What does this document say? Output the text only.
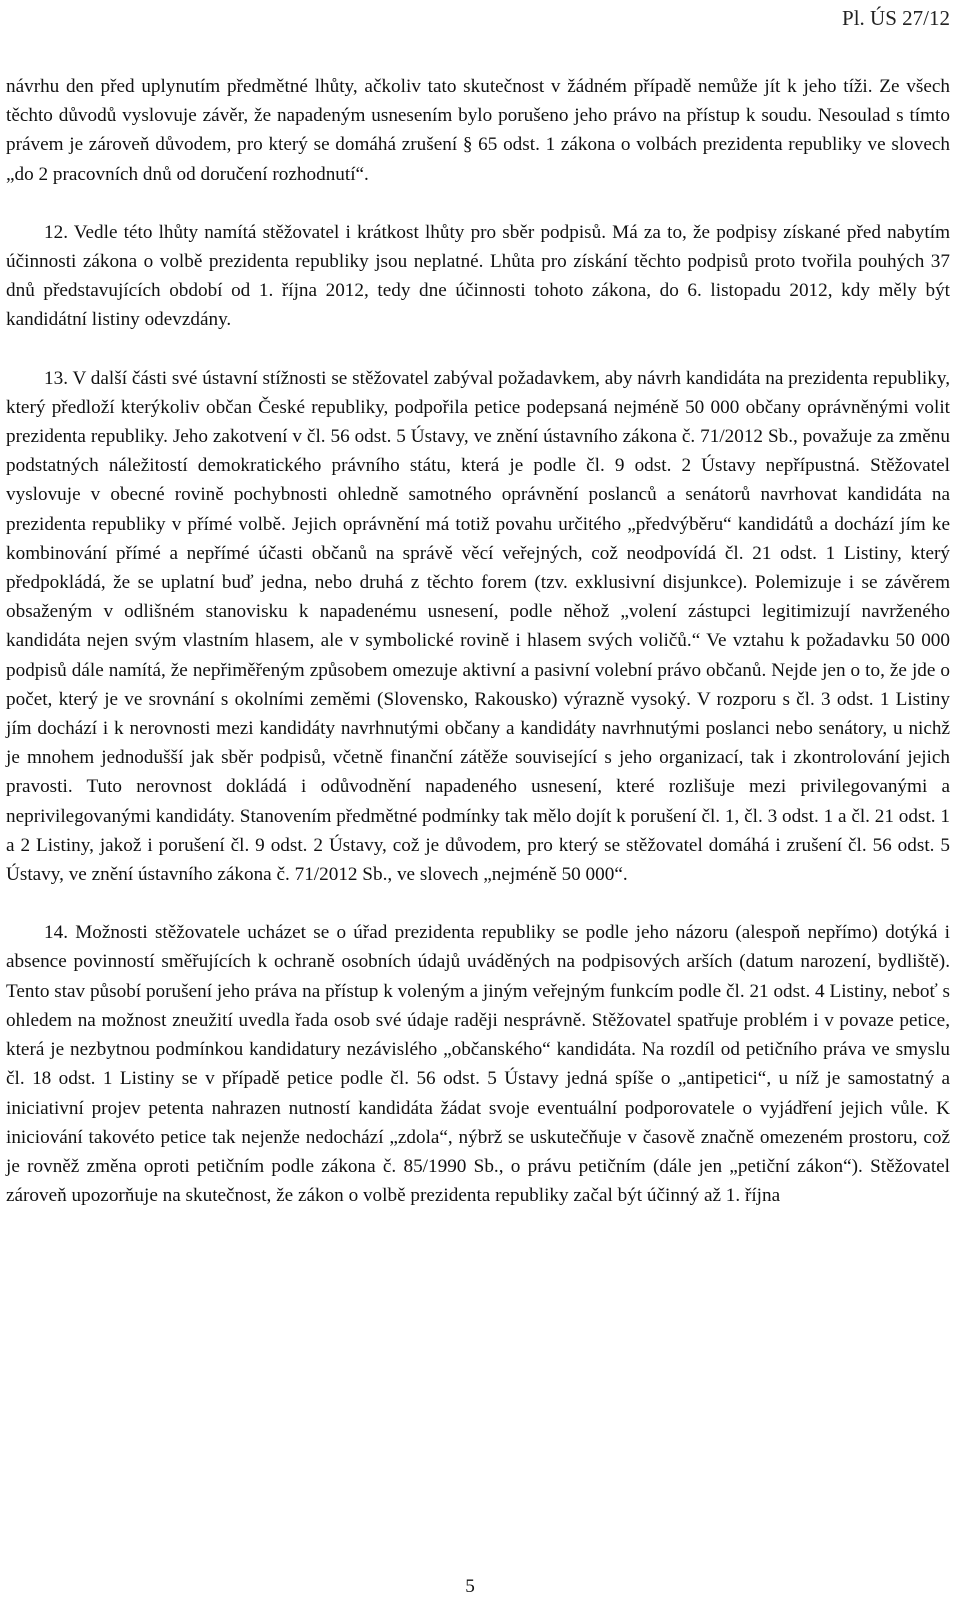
Pl. ÚS 27/12

návrhu den před uplynutím předmětné lhůty, ačkoliv tato skutečnost v žádném případě nemůže jít k jeho tíži. Ze všech těchto důvodů vyslovuje závěr, že napadeným usnesením bylo porušeno jeho právo na přístup k soudu. Nesoulad s tímto právem je zároveň důvodem, pro který se domáhá zrušení § 65 odst. 1 zákona o volbách prezidenta republiky ve slovech „do 2 pracovních dnů od doručení rozhodnutí“.

12. Vedle této lhůty namítá stěžovatel i krátkost lhůty pro sběr podpisů. Má za to, že podpisy získané před nabytím účinnosti zákona o volbě prezidenta republiky jsou neplatné. Lhůta pro získání těchto podpisů proto tvořila pouhých 37 dnů představujících období od 1. října 2012, tedy dne účinnosti tohoto zákona, do 6. listopadu 2012, kdy měly být kandidátní listiny odevzdány.

13. V další části své ústavní stížnosti se stěžovatel zabýval požadavkem, aby návrh kandidáta na prezidenta republiky, který předloží kterýkoliv občan České republiky, podpořila petice podepsaná nejméně 50 000 občany oprávněnými volit prezidenta republiky. Jeho zakotvení v čl. 56 odst. 5 Ústavy, ve znění ústavního zákona č. 71/2012 Sb., považuje za změnu podstatných náležitostí demokratického právního státu, která je podle čl. 9 odst. 2 Ústavy nepřípustná. Stěžovatel vyslovuje v obecné rovině pochybnosti ohledně samotného oprávnění poslanců a senátorů navrhovat kandidáta na prezidenta republiky v přímé volbě. Jejich oprávnění má totiž povahu určitého „předvýběru“ kandidátů a dochází jím ke kombinování přímé a nepřímé účasti občanů na správě věcí veřejných, což neodpovídá čl. 21 odst. 1 Listiny, který předpokládá, že se uplatní buď jedna, nebo druhá z těchto forem (tzv. exklusivní disjunkce). Polemizuje i se závěrem obsaženým v odlišném stanovisku k napadenému usnesení, podle něhož „volení zástupci legitimizují navrženého kandidáta nejen svým vlastním hlasem, ale v symbolické rovině i hlasem svých voličů.“ Ve vztahu k požadavku 50 000 podpisů dále namítá, že nepřiměřeným způsobem omezuje aktivní a pasivní volební právo občanů. Nejde jen o to, že jde o počet, který je ve srovnání s okolními zeměmi (Slovensko, Rakousko) výrazně vysoký. V rozporu s čl. 3 odst. 1 Listiny jím dochází i k nerovnosti mezi kandidáty navrhnutými občany a kandidáty navrhnutými poslanci nebo senátory, u nichž je mnohem jednodušší jak sběr podpisů, včetně finanční zátěže související s jeho organizací, tak i zkontrolování jejich pravosti. Tuto nerovnost dokládá i odůvodnění napadeného usnesení, které rozlišuje mezi privilegovanými a neprivilegovanými kandidáty. Stanovením předmětné podmínky tak mělo dojít k porušení čl. 1, čl. 3 odst. 1 a čl. 21 odst. 1 a 2 Listiny, jakož i porušení čl. 9 odst. 2 Ústavy, což je důvodem, pro který se stěžovatel domáhá i zrušení čl. 56 odst. 5 Ústavy, ve znění ústavního zákona č. 71/2012 Sb., ve slovech „nejméně 50 000“.

14. Možnosti stěžovatele ucházet se o úřad prezidenta republiky se podle jeho názoru (alespoň nepřímo) dotýká i absence povinností směřujících k ochraně osobních údajů uváděných na podpisových arších (datum narození, bydliště). Tento stav působí porušení jeho práva na přístup k voleným a jiným veřejným funkcím podle čl. 21 odst. 4 Listiny, neboť s ohledem na možnost zneužití uvedla řada osob své údaje raději nesprávně. Stěžovatel spatřuje problém i v povaze petice, která je nezbytnou podmínkou kandidatury nezávislého „občanského“ kandidáta. Na rozdíl od petičního práva ve smyslu čl. 18 odst. 1 Listiny se v případě petice podle čl. 56 odst. 5 Ústavy jedná spíše o „antipetici“, u níž je samostatný a iniciativní projev petenta nahrazen nutností kandidáta žádat svoje eventuální podporovatele o vyjádření jejich vůle. K iniciování takovéto petice tak nejenže nedochází „zdola“, nýbrž se uskutečňuje v časově značně omezeném prostoru, což je rovněž změna oproti petičním podle zákona č. 85/1990 Sb., o právu petičním (dále jen „petiční zákon“). Stěžovatel zároveň upozorňuje na skutečnost, že zákon o volbě prezidenta republiky začal být účinný až 1. října

5
